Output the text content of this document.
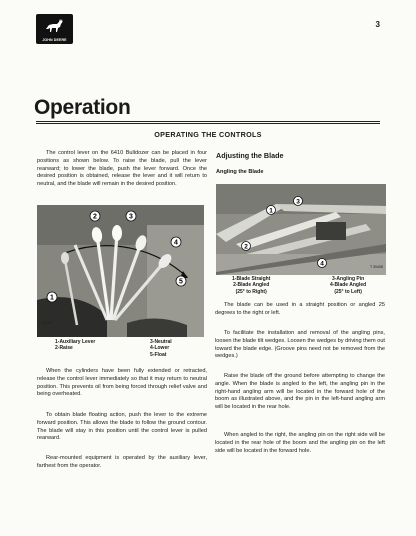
JOHN DEERE
3
Operation
OPERATING THE CONTROLS

The control lever on the 6410 Bulldozer can be placed in four positions as shown below. To raise the blade, pull the lever rearward; to lower the blade, push the lever forward. Once the desired position is obtained, release the lever and it will return to neutral, and the blade will remain in the desired position.

2	3
4
5
1
T 39660
1-Auxiliary Lever
2-Raise
3-Neutral
4-Lower
5-Float

When the cylinders have been fully extended or retracted, release the control lever immediately so that it may return to neutral position. This prevents oil from being forced through relief valve and being overheated.

To obtain blade floating action, push the lever to the extreme forward position. This allows the blade to follow the ground contour. The blade will stay in this position until the control lever is pulled rearward.

Rear-mounted equipment is operated by the auxiliary lever, farthest from the operator.

Adjusting the Blade
Angling the Blade
1
2
3
4	T 39408
1-Blade Straight
2-Blade Angled
(25° to Right)
3-Angling Pin
4-Blade Angled
(25° to Left)

The blade can be used in a straight position or angled 25 degrees to the right or left.

To facilitate the installation and removal of the angling pins, loosen the blade tilt wedges. Loosen the wedges by driving them out toward the blade edge. (Groove pins need not be removed from the wedges.)

Raise the blade off the ground before attempting to change the angle. When the blade is angled to the left, the angling pin in the right-hand angling arm will be located in the forward hole of the boom as illustrated above, and the pin in the left-hand angling arm will be located in the rear hole.

When angled to the right, the angling pin on the right side will be located in the rear hole of the boom and the angling pin on the left side will be located in the forward hole.
